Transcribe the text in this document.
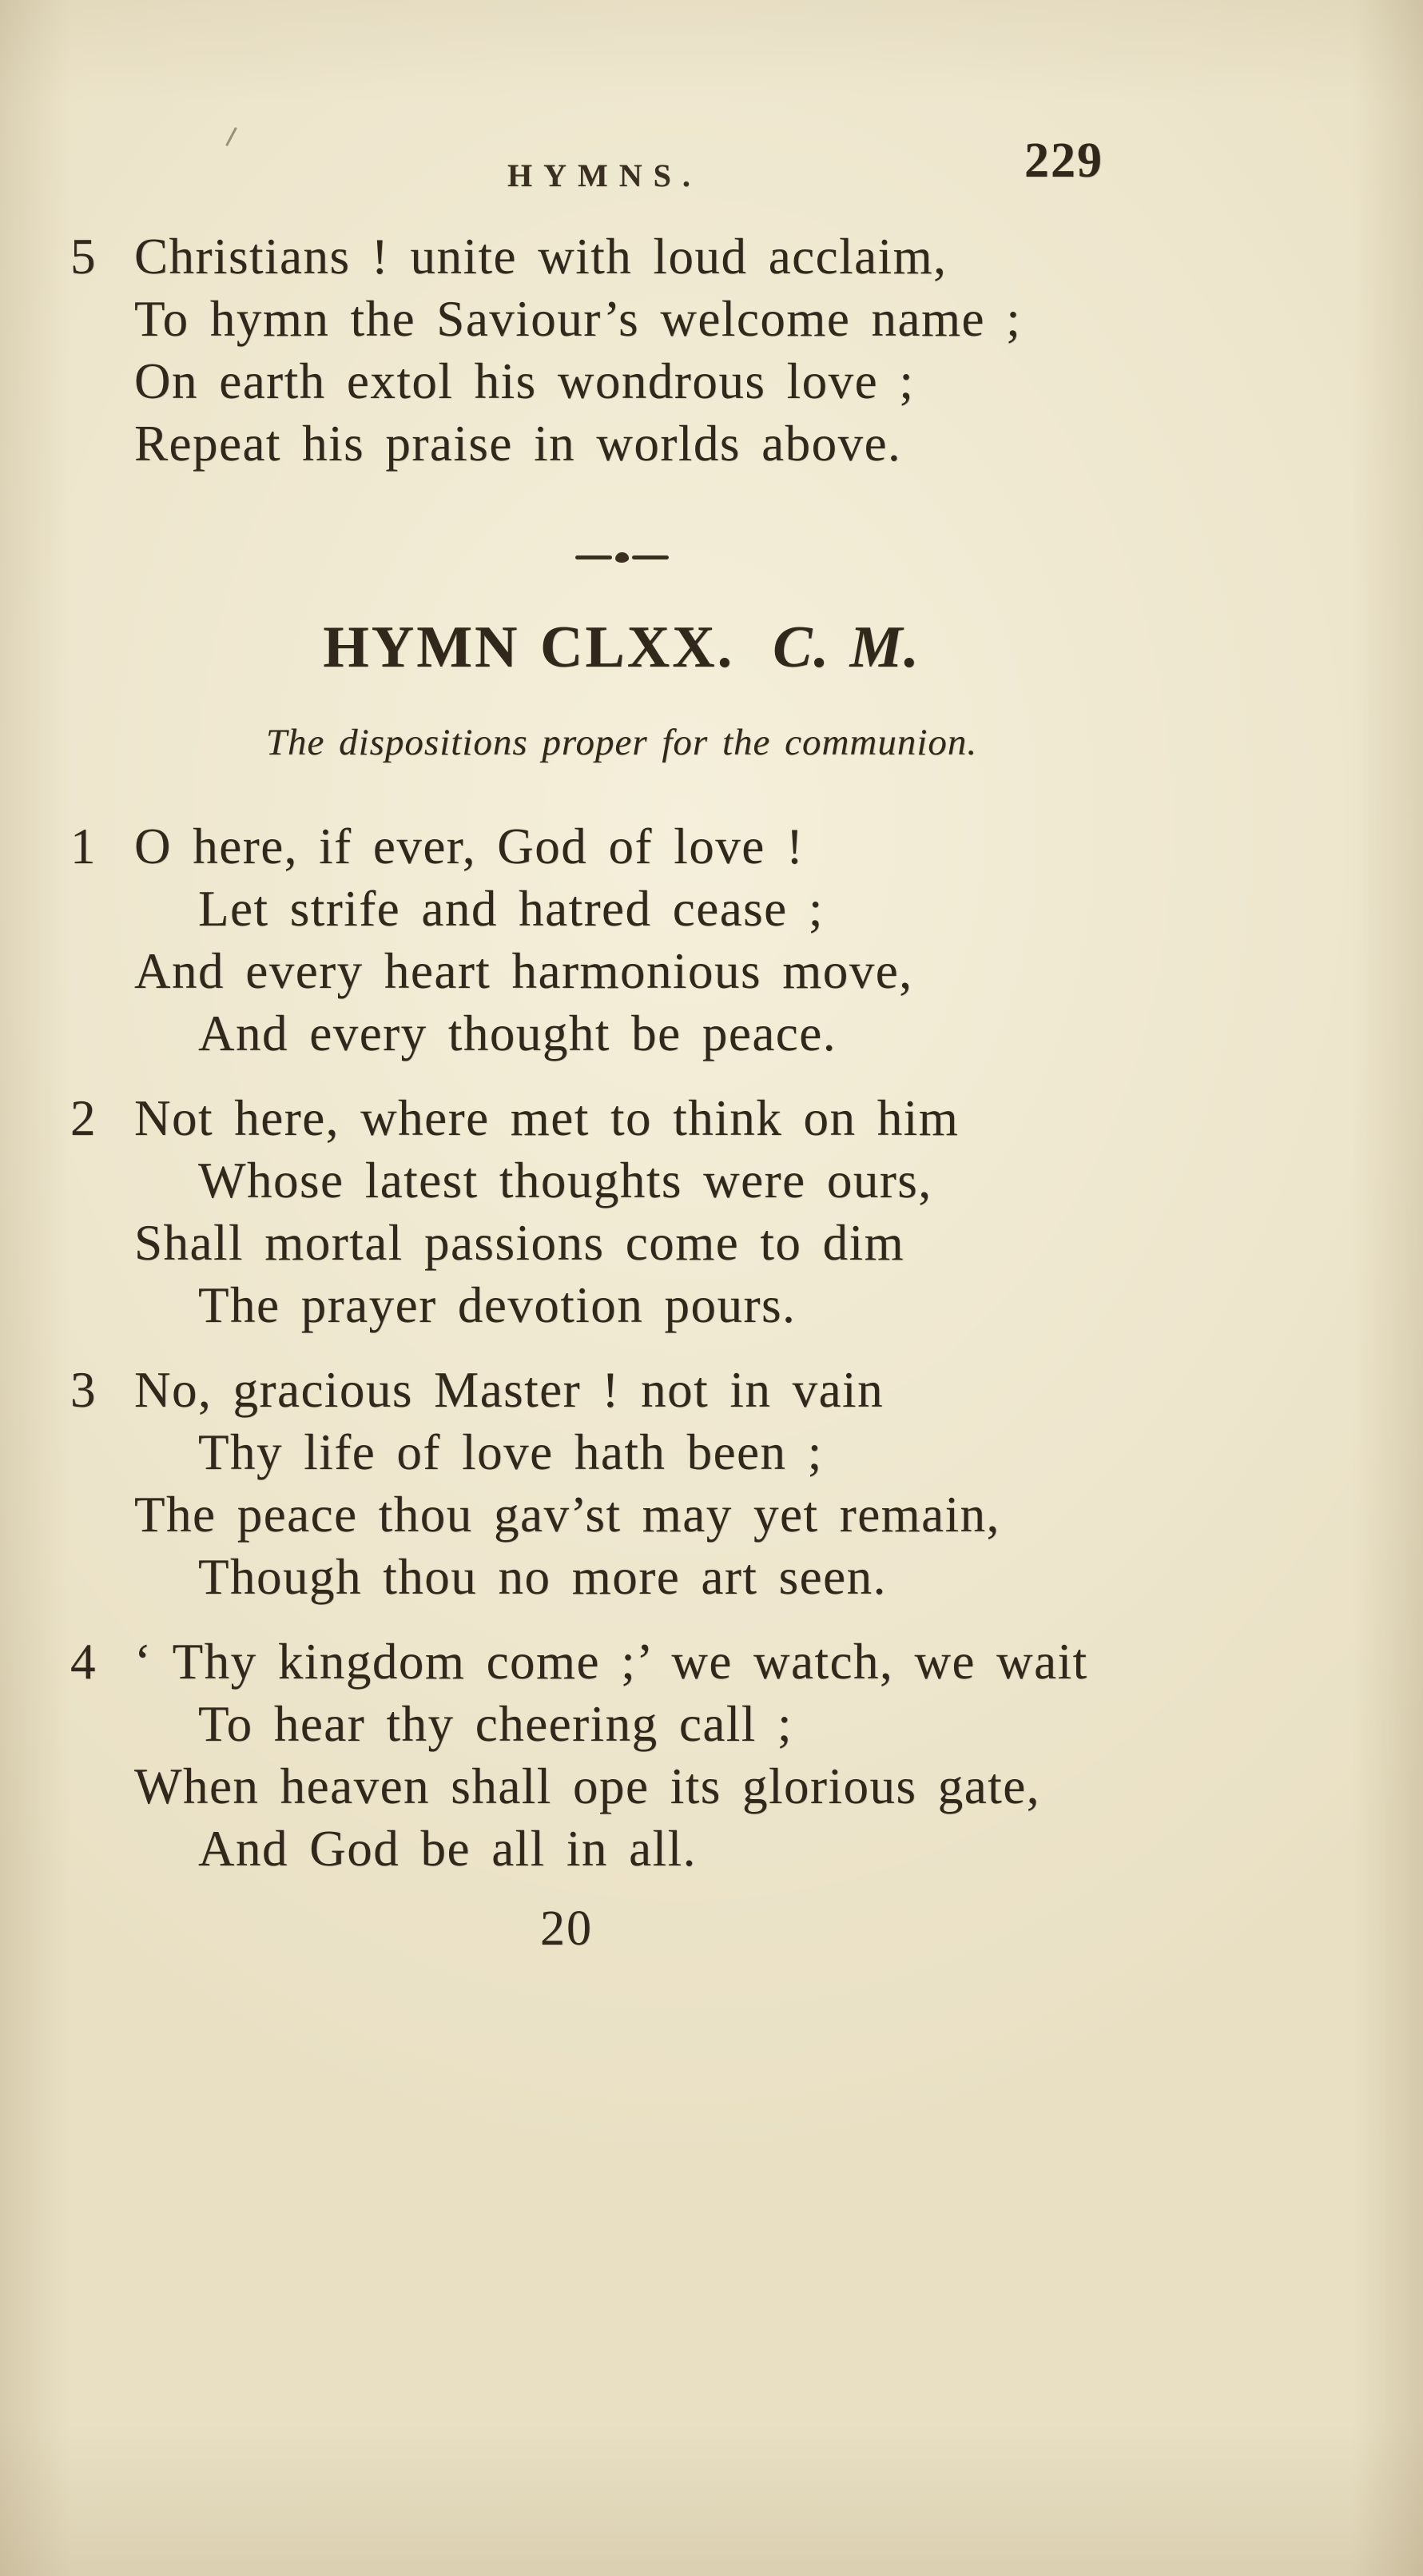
HYMNS.	229
5 Christians ! unite with loud acclaim,
To hymn the Saviour’s welcome name ;
On earth extol his wondrous love ;
Repeat his praise in worlds above.
HYMN CLXX. C. M.

The dispositions proper for the communion.

1 O here, if ever, God of love !
Let strife and hatred cease ;
And every heart harmonious move,
And every thought be peace.
2 Not here, where met to think on him
Whose latest thoughts were ours,
Shall mortal passions come to dim
The prayer devotion pours.
3 No, gracious Master ! not in vain
Thy life of love hath been ;
The peace thou gav’st may yet remain,
Though thou no more art seen.
4 ‘ Thy kingdom come ;’ we watch, we wait
To hear thy cheering call ;
When heaven shall ope its glorious gate,
And God be all in all.
20
